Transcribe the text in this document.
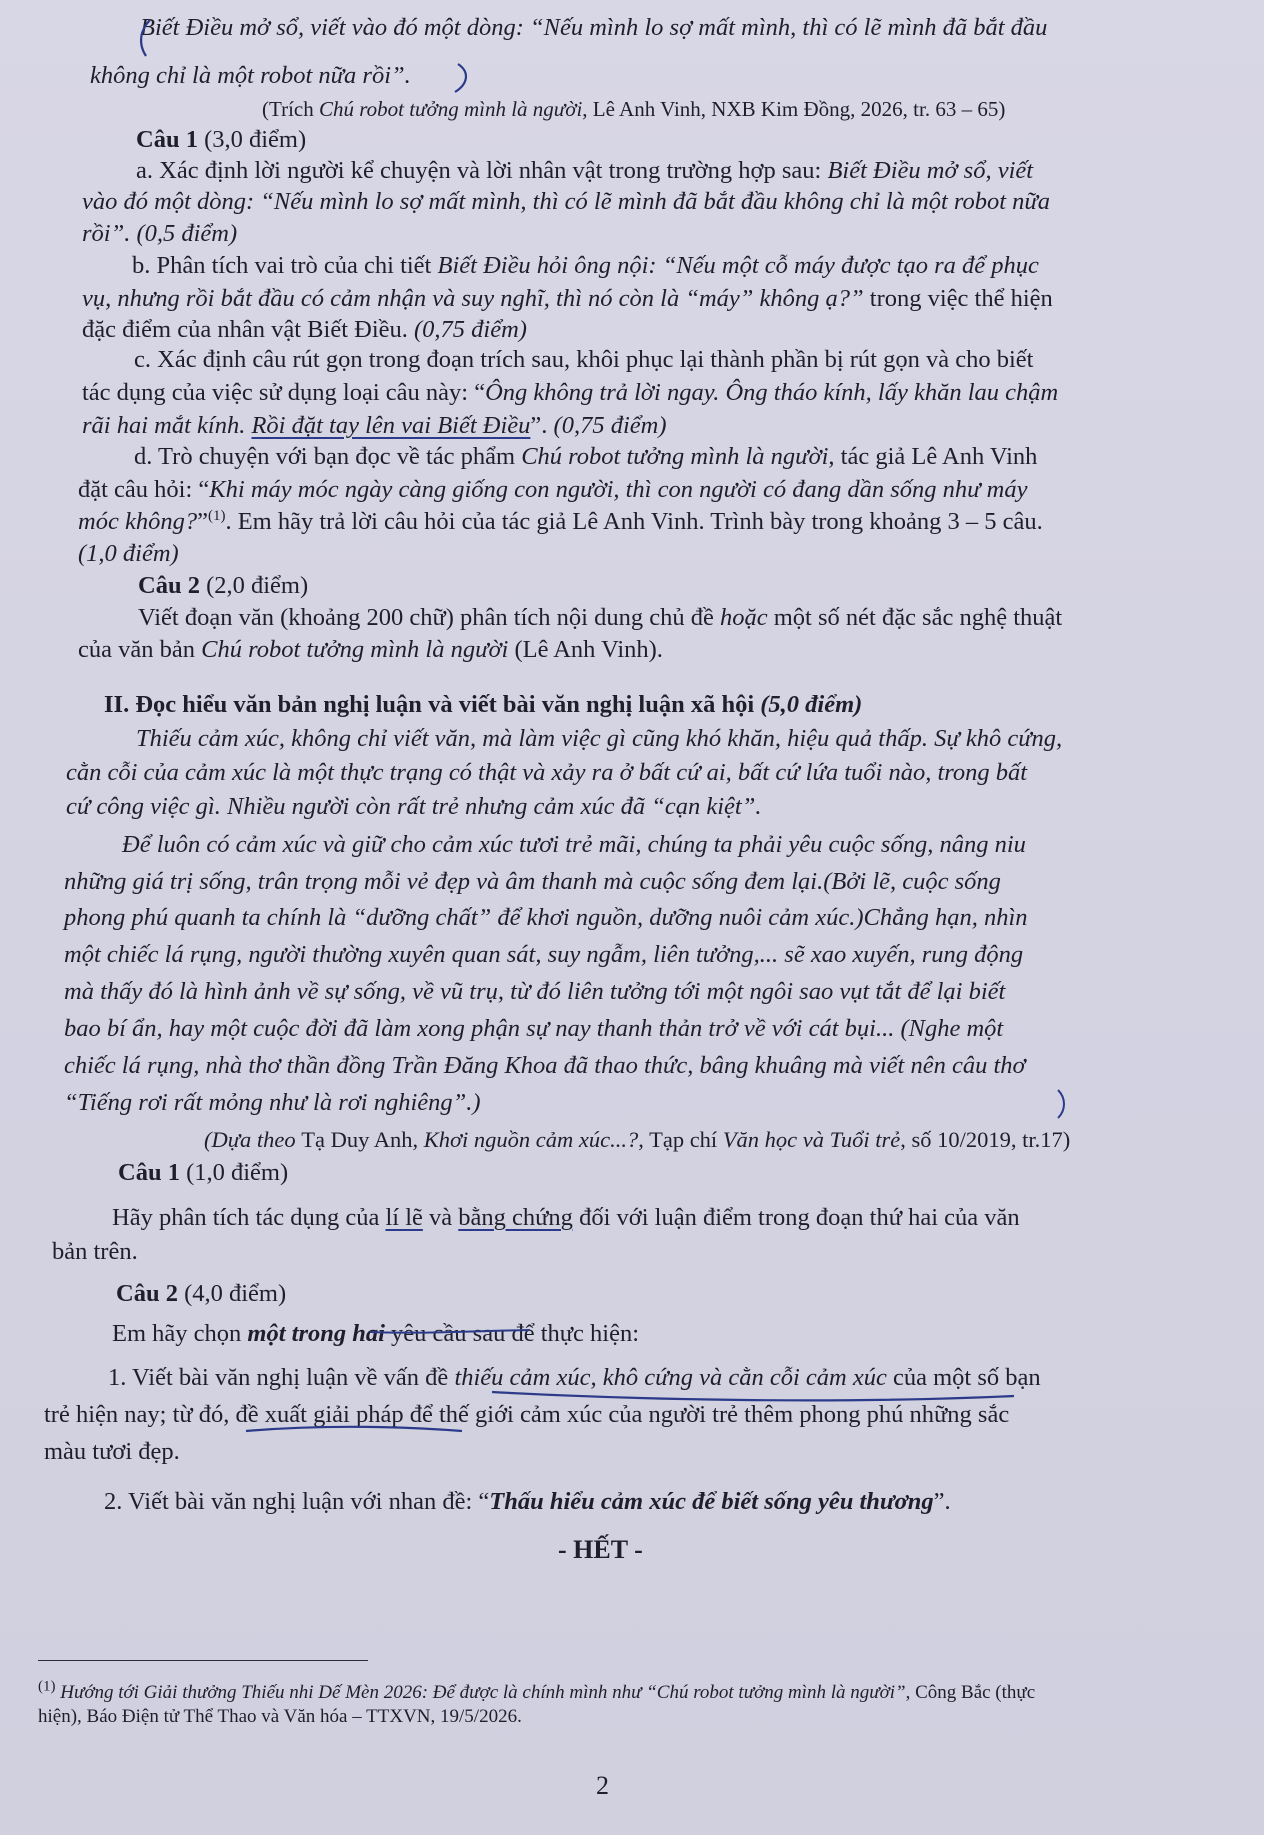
Biết Điều mở sổ, viết vào đó một dòng: “Nếu mình lo sợ mất mình, thì có lẽ mình đã bắt đầu

không chỉ là một robot nữa rồi”.

(Trích Chú robot tưởng mình là người, Lê Anh Vinh, NXB Kim Đồng, 2026, tr. 63 – 65)

Câu 1 (3,0 điểm)

a. Xác định lời người kể chuyện và lời nhân vật trong trường hợp sau: Biết Điều mở sổ, viết

vào đó một dòng: “Nếu mình lo sợ mất mình, thì có lẽ mình đã bắt đầu không chỉ là một robot nữa

rồi”. (0,5 điểm)

b. Phân tích vai trò của chi tiết Biết Điều hỏi ông nội: “Nếu một cỗ máy được tạo ra để phục

vụ, nhưng rồi bắt đầu có cảm nhận và suy nghĩ, thì nó còn là “máy” không ạ?” trong việc thể hiện

đặc điểm của nhân vật Biết Điều. (0,75 điểm)

c. Xác định câu rút gọn trong đoạn trích sau, khôi phục lại thành phần bị rút gọn và cho biết

tác dụng của việc sử dụng loại câu này: “Ông không trả lời ngay. Ông tháo kính, lấy khăn lau chậm

rãi hai mắt kính. Rồi đặt tay lên vai Biết Điều”. (0,75 điểm)

d. Trò chuyện với bạn đọc về tác phẩm Chú robot tưởng mình là người, tác giả Lê Anh Vinh

đặt câu hỏi: “Khi máy móc ngày càng giống con người, thì con người có đang dần sống như máy

móc không?”$^{(1)}$. Em hãy trả lời câu hỏi của tác giả Lê Anh Vinh. Trình bày trong khoảng 3 – 5 câu.

(1,0 điểm)

Câu 2 (2,0 điểm)

Viết đoạn văn (khoảng 200 chữ) phân tích nội dung chủ đề hoặc một số nét đặc sắc nghệ thuật

của văn bản Chú robot tưởng mình là người (Lê Anh Vinh).

II. Đọc hiểu văn bản nghị luận và viết bài văn nghị luận xã hội (5,0 điểm)

Thiếu cảm xúc, không chỉ viết văn, mà làm việc gì cũng khó khăn, hiệu quả thấp. Sự khô cứng,

cằn cỗi của cảm xúc là một thực trạng có thật và xảy ra ở bất cứ ai, bất cứ lứa tuổi nào, trong bất

cứ công việc gì. Nhiều người còn rất trẻ nhưng cảm xúc đã “cạn kiệt”.

Để luôn có cảm xúc và giữ cho cảm xúc tươi trẻ mãi, chúng ta phải yêu cuộc sống, nâng niu

những giá trị sống, trân trọng mỗi vẻ đẹp và âm thanh mà cuộc sống đem lại.(Bởi lẽ, cuộc sống

phong phú quanh ta chính là “dưỡng chất” để khơi nguồn, dưỡng nuôi cảm xúc.)Chẳng hạn, nhìn

một chiếc lá rụng, người thường xuyên quan sát, suy ngẫm, liên tưởng,... sẽ xao xuyến, rung động

mà thấy đó là hình ảnh về sự sống, về vũ trụ, từ đó liên tưởng tới một ngôi sao vụt tắt để lại biết

bao bí ẩn, hay một cuộc đời đã làm xong phận sự nay thanh thản trở về với cát bụi... (Nghe một

chiếc lá rụng, nhà thơ thần đồng Trần Đăng Khoa đã thao thức, bâng khuâng mà viết nên câu thơ

“Tiếng rơi rất mỏng như là rơi nghiêng”.)

(Dựa theo Tạ Duy Anh, Khơi nguồn cảm xúc...?, Tạp chí Văn học và Tuổi trẻ, số 10/2019, tr.17)

Câu 1 (1,0 điểm)

Hãy phân tích tác dụng của lí lẽ và bằng chứng đối với luận điểm trong đoạn thứ hai của văn

bản trên.

Câu 2 (4,0 điểm)

Em hãy chọn một trong hai yêu cầu sau để thực hiện:

1. Viết bài văn nghị luận về vấn đề thiếu cảm xúc, khô cứng và cằn cỗi cảm xúc của một số bạn

trẻ hiện nay; từ đó, đề xuất giải pháp để thế giới cảm xúc của người trẻ thêm phong phú những sắc

màu tươi đẹp.

2. Viết bài văn nghị luận với nhan đề: “Thấu hiểu cảm xúc để biết sống yêu thương”.

- HẾT -

$^{(1)}$ Hướng tới Giải thưởng Thiếu nhi Dế Mèn 2026: Để được là chính mình như “Chú robot tưởng mình là người”, Công Bắc (thực

hiện), Báo Điện tử Thể Thao và Văn hóa – TTXVN, 19/5/2026.

2
